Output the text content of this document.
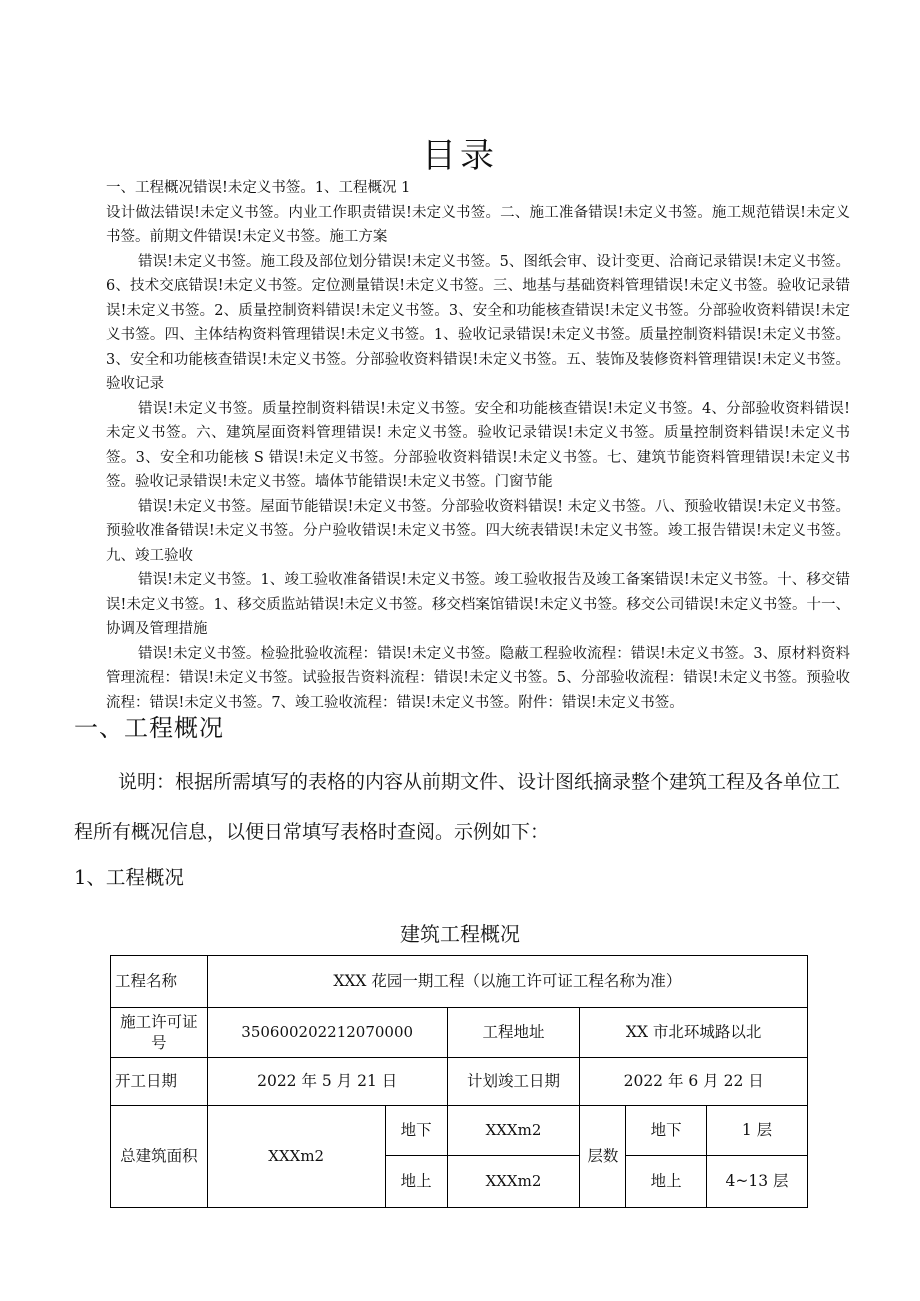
目录

一、工程概况错误!未定义书签。1、工程概况 1

设计做法错误!未定义书签。内业工作职责错误!未定义书签。二、施工准备错误!未定义书签。施工规范错误!未定义书签。前期文件错误!未定义书签。施工方案

错误!未定义书签。施工段及部位划分错误!未定义书签。5、图纸会审、设计变更、洽商记录错误!未定义书签。6、技术交底错误!未定义书签。定位测量错误!未定义书签。三、地基与基础资料管理错误!未定义书签。验收记录错误!未定义书签。2、质量控制资料错误!未定义书签。3、安全和功能核查错误!未定义书签。分部验收资料错误!未定义书签。四、主体结构资料管理错误!未定义书签。1、验收记录错误!未定义书签。质量控制资料错误!未定义书签。3、安全和功能核查错误!未定义书签。分部验收资料错误!未定义书签。五、装饰及装修资料管理错误!未定义书签。验收记录

错误!未定义书签。质量控制资料错误!未定义书签。安全和功能核查错误!未定义书签。4、分部验收资料错误!未定义书签。六、建筑屋面资料管理错误! 未定义书签。验收记录错误!未定义书签。质量控制资料错误!未定义书签。3、安全和功能核 S 错误!未定义书签。分部验收资料错误!未定义书签。七、建筑节能资料管理错误!未定义书签。验收记录错误!未定义书签。墙体节能错误!未定义书签。门窗节能

错误!未定义书签。屋面节能错误!未定义书签。分部验收资料错误! 未定义书签。八、预验收错误!未定义书签。预验收准备错误!未定义书签。分户验收错误!未定义书签。四大统表错误!未定义书签。竣工报告错误!未定义书签。九、竣工验收

错误!未定义书签。1、竣工验收准备错误!未定义书签。竣工验收报告及竣工备案错误!未定义书签。十、移交错误!未定义书签。1、移交质监站错误!未定义书签。移交档案馆错误!未定义书签。移交公司错误!未定义书签。十一、协调及管理措施

错误!未定义书签。检验批验收流程：错误!未定义书签。隐蔽工程验收流程：错误!未定义书签。3、原材料资料管理流程：错误!未定义书签。试验报告资料流程：错误!未定义书签。5、分部验收流程：错误!未定义书签。预验收流程：错误!未定义书签。7、竣工验收流程：错误!未定义书签。附件：错误!未定义书签。

一、工程概况

说明：根据所需填写的表格的内容从前期文件、设计图纸摘录整个建筑工程及各单位工程所有概况信息，以便日常填写表格时查阅。示例如下：

1、工程概况
建筑工程概况
工程名称	XXX 花园一期工程（以施工许可证工程名称为准）					
施工许可证号	350600202212070000		工程地址	XX 市北环城路以北		
开工日期	2022 年 5 月 21 日		计划竣工日期	2022 年 6 月 22 日		
总建筑面积	XXXm2	地下	XXXm2	层数	地下	1 层
		地上	XXXm2		地上	4~13 层
